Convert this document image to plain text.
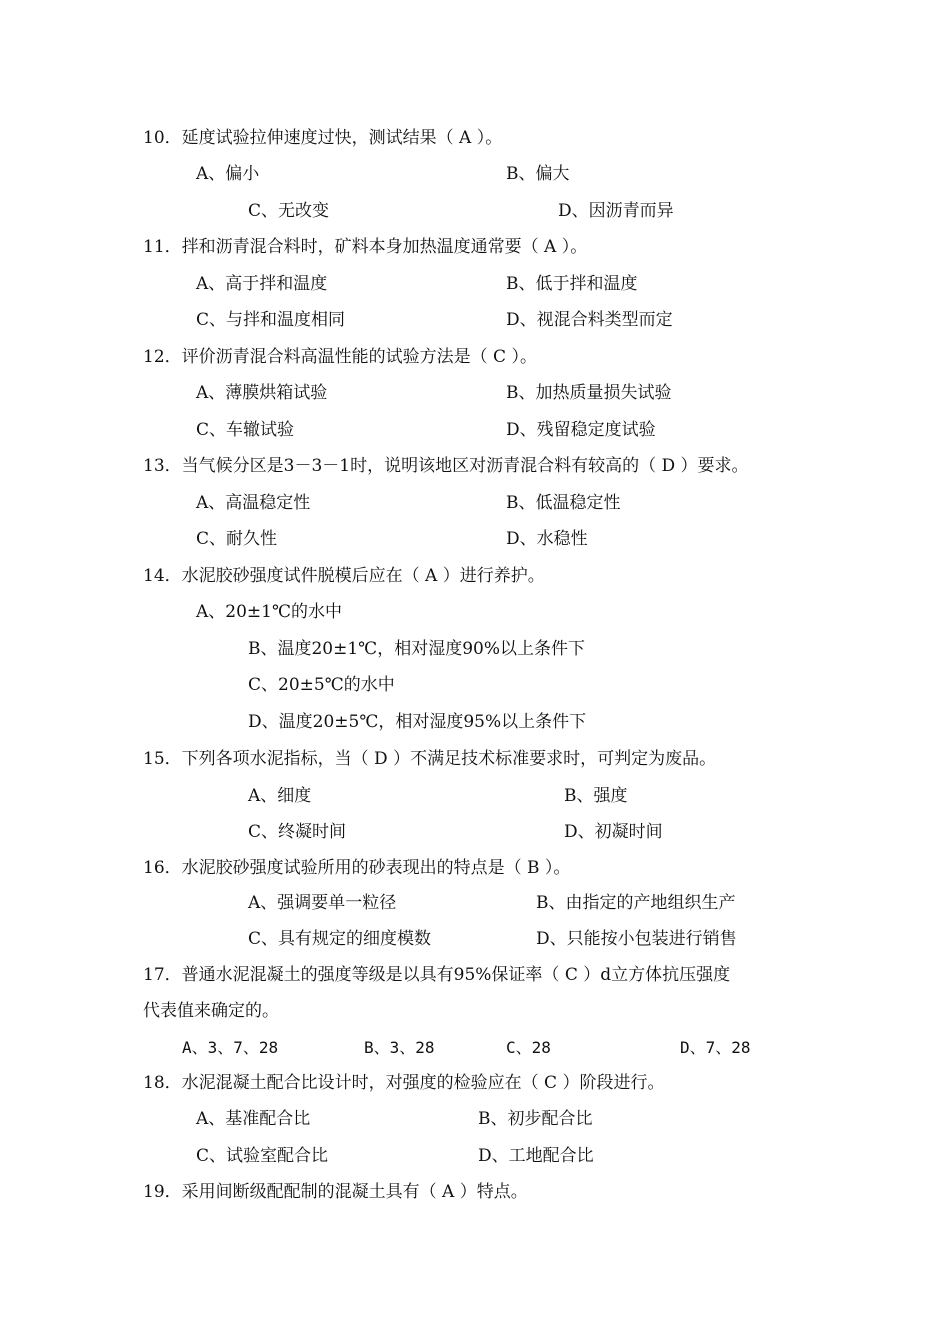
10．延度试验拉伸速度过快，测试结果（ A ）。
A、偏小	B、偏大
C、无改变	D、因沥青而异
11．拌和沥青混合料时，矿料本身加热温度通常要（ A ）。
A、高于拌和温度	B、低于拌和温度
C、与拌和温度相同	D、视混合料类型而定
12．评价沥青混合料高温性能的试验方法是（ C ）。
A、薄膜烘箱试验	B、加热质量损失试验
C、车辙试验	D、残留稳定度试验
13．当气候分区是3－3－1时，说明该地区对沥青混合料有较高的（ D ）要求。
A、高温稳定性	B、低温稳定性
C、耐久性	D、水稳性
14．水泥胶砂强度试件脱模后应在（ A ）进行养护。
A、20±1℃的水中
B、温度20±1℃，相对湿度90%以上条件下
C、20±5℃的水中
D、温度20±5℃，相对湿度95%以上条件下
15．下列各项水泥指标，当（ D ）不满足技术标准要求时，可判定为废品。
A、细度	B、强度
C、终凝时间	D、初凝时间
16．水泥胶砂强度试验所用的砂表现出的特点是（ B ）。
A、强调要单一粒径	B、由指定的产地组织生产
C、具有规定的细度模数	D、只能按小包装进行销售
17．普通水泥混凝土的强度等级是以具有95%保证率（ C ）d立方体抗压强度
代表值来确定的。
A、3、7、28	B、3、28	C、28	D、7、28
18．水泥混凝土配合比设计时，对强度的检验应在（ C ）阶段进行。
A、基准配合比	B、初步配合比
C、试验室配合比	D、工地配合比
19．采用间断级配配制的混凝土具有（ A ）特点。
